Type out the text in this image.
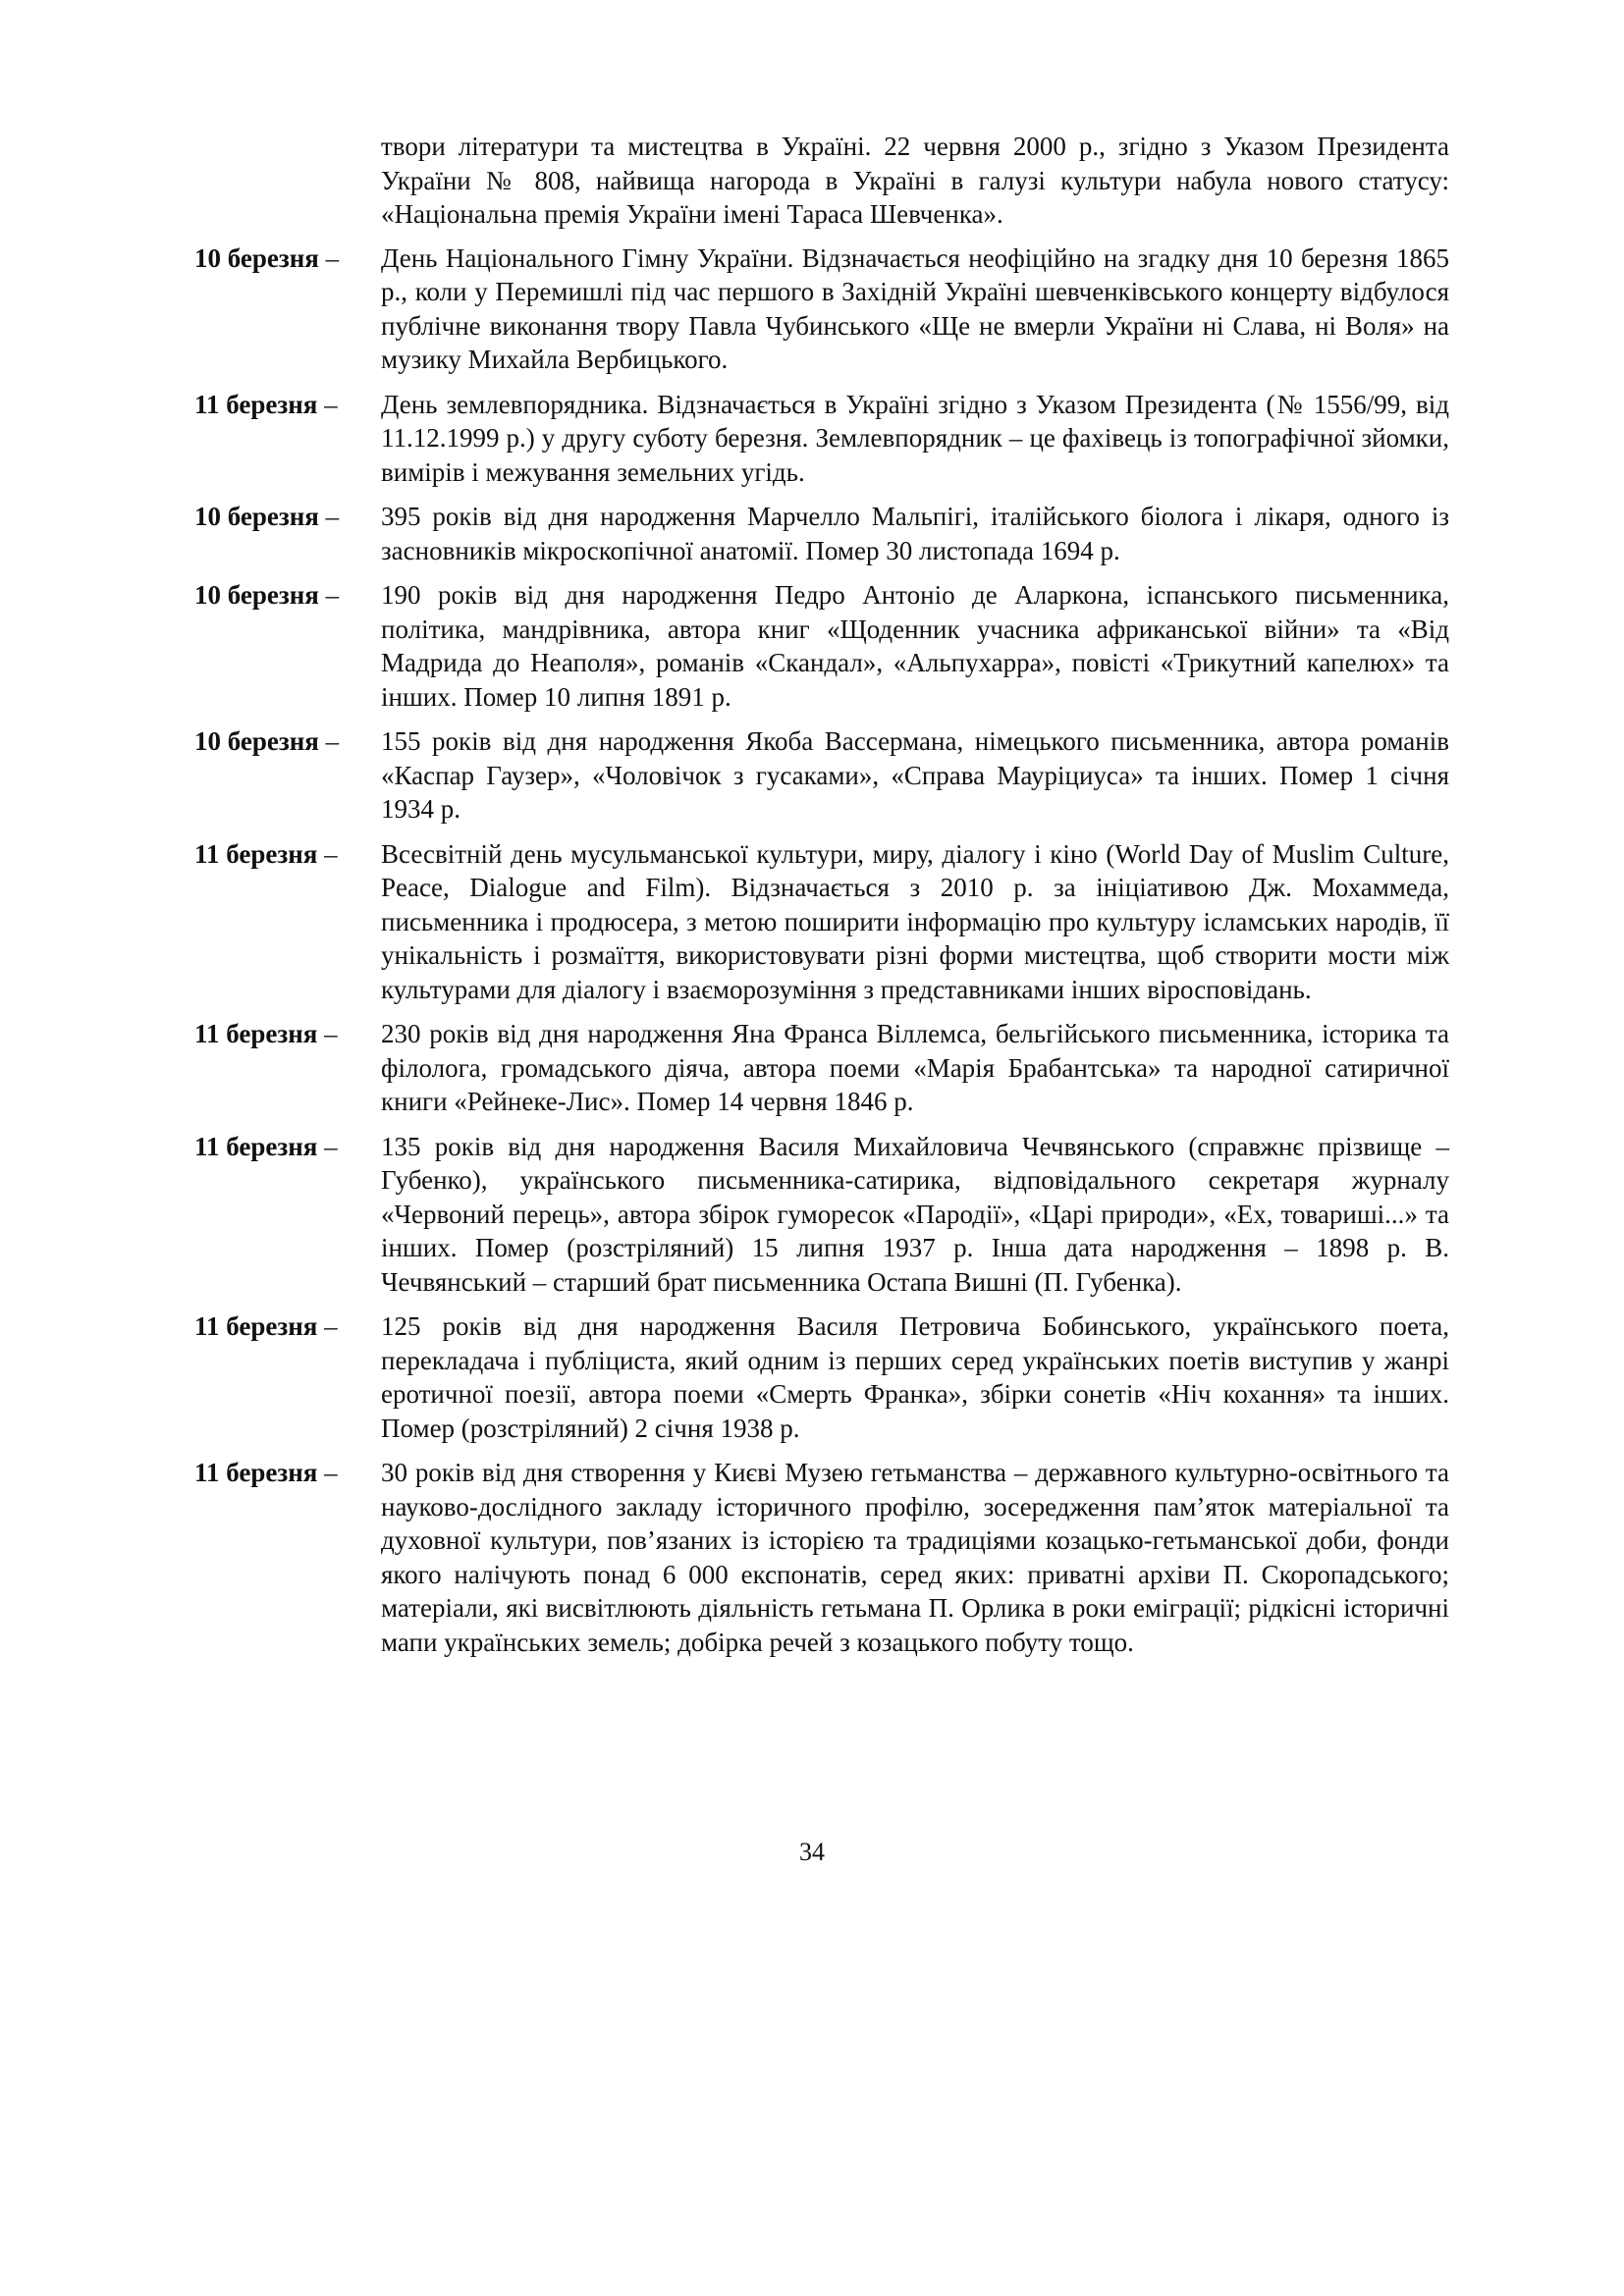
твори літератури та мистецтва в Україні. 22 червня 2000 р., згідно з Указом Президента України № 808, найвища нагорода в Україні в галузі культури набула нового статусу: «Національна премія України імені Тараса Шевченка».

10 березня –	День Національного Гімну України. Відзначається неофіційно на згадку дня 10 березня 1865 р., коли у Перемишлі під час першого в Західній Україні шевченківського концерту відбулося публічне виконання твору Павла Чубинського «Ще не вмерли України ні Слава, ні Воля» на музику Михайла Вербицького.

11 березня –	День землевпорядника. Відзначається в Україні згідно з Указом Президента (№ 1556/99, від 11.12.1999 р.) у другу суботу березня. Землевпорядник – це фахівець із топографічної зйомки, вимірів і межування земельних угідь.

10 березня –	395 років від дня народження Марчелло Мальпігі, італійського біолога і лікаря, одного із засновників мікроскопічної анатомії. Помер 30 листопада 1694 р.

10 березня –	190 років від дня народження Педро Антоніо де Аларкона, іспанського письменника, політика, мандрівника, автора книг «Щоденник учасника африканської війни» та «Від Мадрида до Неаполя», романів «Скандал», «Альпухарра», повісті «Трикутний капелюх» та інших. Помер 10 липня 1891 р.

10 березня –	155 років від дня народження Якоба Вассермана, німецького письменника, автора романів «Каспар Гаузер», «Чоловічок з гусаками», «Справа Мауріциуса» та інших. Помер 1 січня 1934 р.

11 березня –	Всесвітній день мусульманської культури, миру, діалогу і кіно (World Day of Muslim Culture, Peace, Dialogue and Film). Відзначається з 2010 р. за ініціативою Дж. Мохаммеда, письменника і продюсера, з метою поширити інформацію про культуру ісламських народів, її унікальність і розмаїття, використовувати різні форми мистецтва, щоб створити мости між культурами для діалогу і взаєморозуміння з представниками інших віросповідань.

11 березня –	230 років від дня народження Яна Франса Віллемса, бельгійського письменника, історика та філолога, громадського діяча, автора поеми «Марія Брабантська» та народної сатиричної книги «Рейнеке-Лис». Помер 14 червня 1846 р.

11 березня –	135 років від дня народження Василя Михайловича Чечвянського (справжнє прізвище – Губенко), українського письменника-сатирика, відповідального секретаря журналу «Червоний перець», автора збірок гуморесок «Пародії», «Царі природи», «Ех, товариші...» та інших. Помер (розстріляний) 15 липня 1937 р. Інша дата народження – 1898 р. В. Чечвянський – старший брат письменника Остапа Вишні (П. Губенка).

11 березня –	125 років від дня народження Василя Петровича Бобинського, українського поета, перекладача і публіциста, який одним із перших серед українських поетів виступив у жанрі еротичної поезії, автора поеми «Смерть Франка», збірки сонетів «Ніч кохання» та інших. Помер (розстріляний) 2 січня 1938 р.

11 березня –	30 років від дня створення у Києві Музею гетьманства – державного культурно-освітнього та науково-дослідного закладу історичного профілю, зосередження пам’яток матеріальної та духовної культури, пов’язаних із історією та традиціями козацько-гетьманської доби, фонди якого налічують понад 6 000 експонатів, серед яких: приватні архіви П. Скоропадського; матеріали, які висвітлюють діяльність гетьмана П. Орлика в роки еміграції; рідкісні історичні мапи українських земель; добірка речей з козацького побуту тощо.

34
